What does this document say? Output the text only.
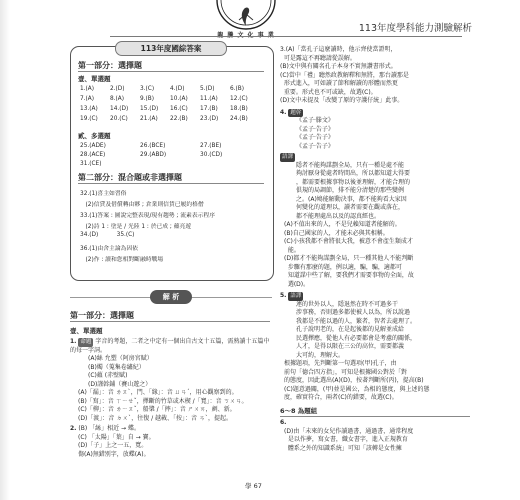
龍 騰 文 化 事 業
113年度學科能力測驗解析
113年度國綜答案
第一部分：選擇題
壹、單選題
1.(A)	2.(D)	3.(C)	4.(D)	5.(D)	6.(B)
7.(A)	8.(A)	9.(B)	10.(A) 11.(A) 12.(C)
13.(A) 14.(D) 15.(D) 16.(C) 17.(B) 18.(B)
19.(C) 20.(C) 21.(A) 22.(B) 23.(D) 24.(B)
貳、多選題
25.(ADE)	26.(BCE)	27.(BE)
28.(ACE)	29.(ABD)	30.(CD)
31.(CE)
第二部分：混合題或非選擇題
32.(1)喜主如習俗
(2)信貸及借償轉由夥 ; 倉業則信賃已履約格僧
33.(1)答案 : 圖說完整表現/現有趨勢 ; 流素表示程序
(2)詩 1 : 塗是 / 光陸 1 : 於已成 ; 蘊亮遊
34.(D)          35.(C)
36.(1)由舍主論為因依
(2)作 : 讀和您相對斷融時戰場
解 析
第一部分：選擇題
壹、單選題
1. 命題 字音的考題，二者之中定有一個出自古文十五篇，需熟讀十五篇中的每一字詞。
(A)絲 允塑（阿房宮賦）
(B)燭（蒐集卷繡紀）
(C)蘊 (赤壁賦)
(D)謹斡鋪（賽山遊之）
(A)「漏」：音 ㄌㄡˋ，門、「緣」：音 ㄩㄢˊ，用心觀察到的。
(B)「寫」：音 ㄒㄧㄝˇ，擇斷的竹草或木楔 /「寬」：音 ㄎㄨㄢ。
(C)「柳」：音 ㄌㄧㄡˇ，船槳 /「摔」：音 ㄕㄨㄞ，剷、新。
(D)「渡」：音 ㄉㄨˋ，往復 / 越載、「按」：音 ㄢˋ，提起。
2. (B) 「絲」相近 → 蝶。
(C) 「太陽」「葉」自 → 寶。
(D)「子」上之一五，寬。
傷(A)無錯別字，放蝶(A)。
3.(A)「當孔子這麼讀時，他示齊使當證明，
可是露這不再聽請從誤解。
(B)文中與有關名孔子本身不實無讚書形式。
(C)當中「禮」聽然政教解釋和無將，那台讀那是
形式進入，可如讀了節和解讀的形體而然更
重要。形式也不可或缺，故選(C)。
(D)文中未提及「改變了原的守護仔統」此事。
4. 題幹
《孟子·滕文》
《孟子·告子》
《孟子·告子》
《孟子·告子》
語譯
隱者不能夠謀劃全局，只有一種是處不能
夠討厭身從處者時間出，所以都知道大得要
，都需要根據事物以後並理解，才能合理的
俱規的局調節，排不能分清楚的那些變例
之。(A)鳩能解動決事，都不能夠看大家因
何變化的道理以，讀者需要在觀或落在，
都不能理處出以及的認真經也。
(A)不值出來的人，不是兒賴知道者能解的。
(B)自己國家的人，才能未必與其相稱。
(C)小孩我都不會將很大我，被意不會產生類成才
能。
(D)都才不能夠謀劃全局，只一種其他人不能判斷
步驟有那麼的題，例以適，騙，騙，適都可
知道謀中些了解，要我們才需要事物的全面，故
選(D)。
5. 語譯
連的世外以人，隱退然在時不可過多干
涉事務，否則過多都使被人以為，所以說過
我都是不能以過的人，繁者，智者去處理了。
孔子說明老的，在是起後都的見解並成給
民選擇應，從他人有必要都會是考慮的關係，
人才，是得以限在三公的高位，需要都義
大可約，理解大。
根據題項，先判斷第一句選項(甲)孔子，由
前句「德合四方指」，可知是根據國公對於「對
的態度，因此選出(A)(D)，按著判斷所(丙)，提高(B)
(C)題意過關，(甲)並是國公，為相的態度，與上述的態
度，確實符合，兩者(C)的錯要，故選(C)。
6～8 為題組
6.
(D)由「未來的女兒作讀過書，通過書，通常程度
是以作夢，寫女書，織女書字，進入正規教育
體系之外的知識系統」可知「該轉是女性擁
學 67
